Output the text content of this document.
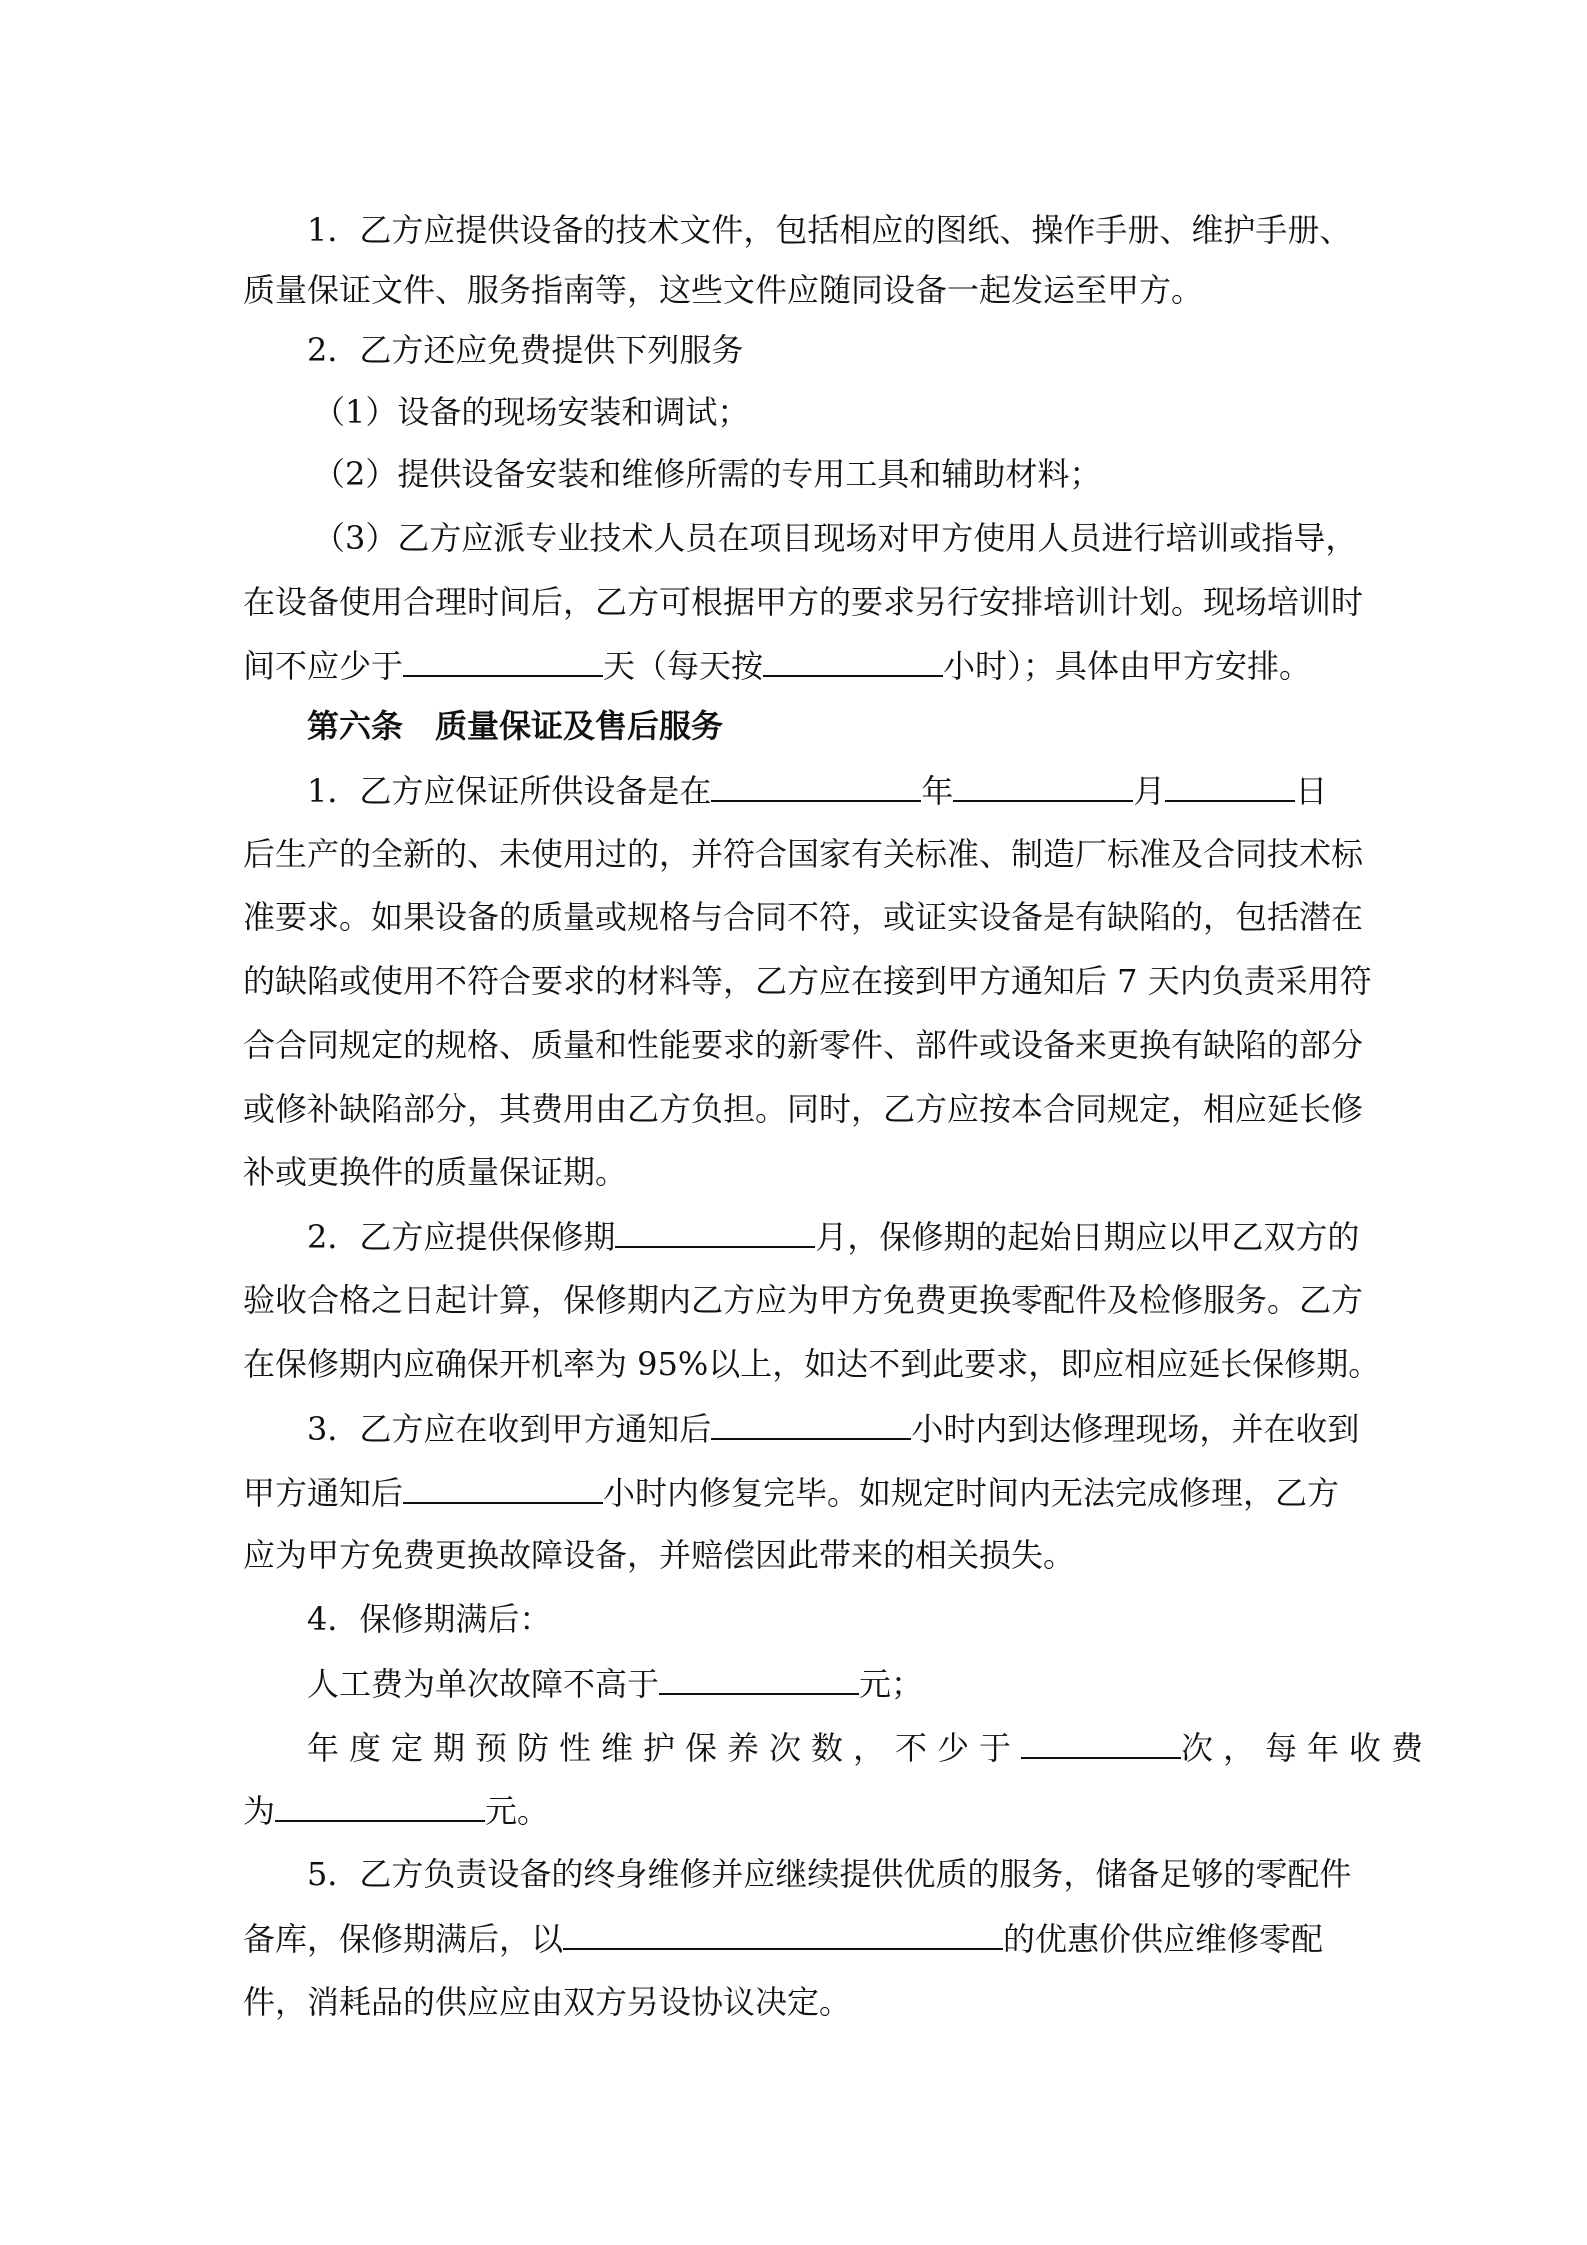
1．乙方应提供设备的技术文件，包括相应的图纸、操作手册、维护手册、
质量保证文件、服务指南等，这些文件应随同设备一起发运至甲方。
2．乙方还应免费提供下列服务
（1）设备的现场安装和调试；
（2）提供设备安装和维修所需的专用工具和辅助材料；
（3）乙方应派专业技术人员在项目现场对甲方使用人员进行培训或指导，
在设备使用合理时间后，乙方可根据甲方的要求另行安排培训计划。现场培训时
间不应少于	天（每天按	小时）；具体由甲方安排。
第六条　质量保证及售后服务
1．乙方应保证所供设备是在	年	月	日
后生产的全新的、未使用过的，并符合国家有关标准、制造厂标准及合同技术标
准要求。如果设备的质量或规格与合同不符，或证实设备是有缺陷的，包括潜在
的缺陷或使用不符合要求的材料等，乙方应在接到甲方通知后 7 天内负责采用符
合合同规定的规格、质量和性能要求的新零件、部件或设备来更换有缺陷的部分
或修补缺陷部分，其费用由乙方负担。同时，乙方应按本合同规定，相应延长修
补或更换件的质量保证期。
2．乙方应提供保修期	月，保修期的起始日期应以甲乙双方的
验收合格之日起计算，保修期内乙方应为甲方免费更换零配件及检修服务。乙方
在保修期内应确保开机率为 95%以上，如达不到此要求，即应相应延长保修期。
3．乙方应在收到甲方通知后	小时内到达修理现场，并在收到
甲方通知后	小时内修复完毕。如规定时间内无法完成修理，乙方
应为甲方免费更换故障设备，并赔偿因此带来的相关损失。
4．保修期满后：
人工费为单次故障不高于	元；
年度定期预防性维护保养次数，不少于	次，每年收费
为	元。
5．乙方负责设备的终身维修并应继续提供优质的服务，储备足够的零配件
备库，保修期满后，以	的优惠价供应维修零配
件，消耗品的供应应由双方另设协议决定。
